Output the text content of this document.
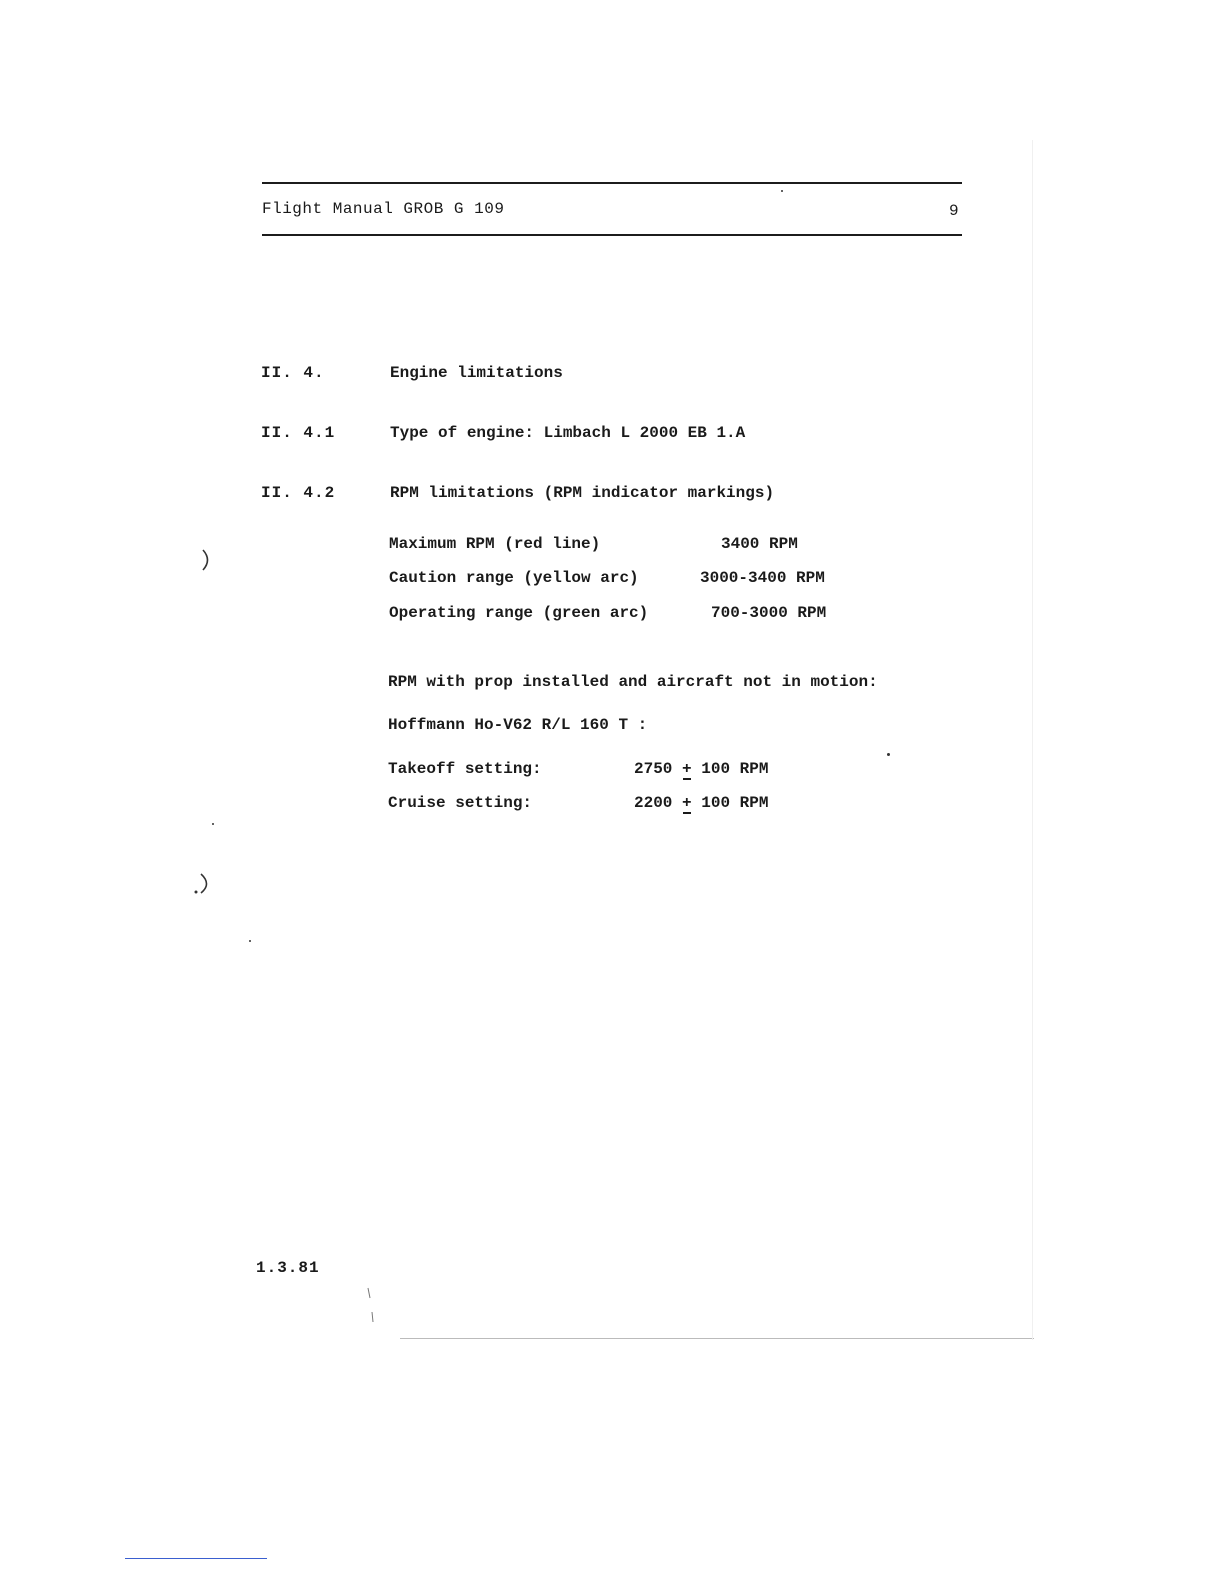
Flight Manual GROB G 109	9
II. 4.	Engine limitations
II. 4.1	Type of engine: Limbach L 2000 EB 1.A
II. 4.2	RPM limitations (RPM indicator markings)
Maximum RPM (red line)	3400 RPM
Caution range (yellow arc)	3000-3400 RPM
Operating range (green arc)	700-3000 RPM
RPM with prop installed and aircraft not in motion:
Hoffmann Ho-V62 R/L 160 T :
Takeoff setting:	2750 + 100 RPM
Cruise setting:	2200 + 100 RPM
1.3.81
